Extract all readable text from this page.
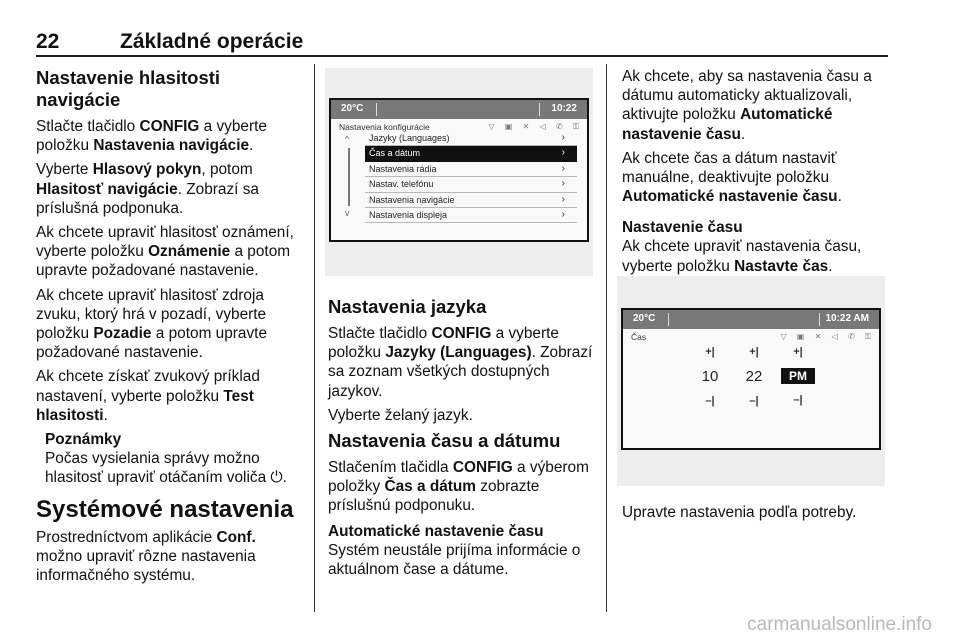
22	Základné operácie
Nastavenie hlasitosti navigácie

Stlačte tlačidlo CONFIG a vyberte položku Nastavenia navigácie.

Vyberte Hlasový pokyn, potom Hlasitosť navigácie. Zobrazí sa príslušná podponuka.

Ak chcete upraviť hlasitosť oznámení, vyberte položku Oznámenie a potom upravte požadované nastavenie.

Ak chcete upraviť hlasitosť zdroja zvuku, ktorý hrá v pozadí, vyberte položku Pozadie a potom upravte požadované nastavenie.

Ak chcete získať zvukový príklad nastavení, vyberte položku Test hlasitosti.

Poznámky
Počas vysielania správy možno hlasitosť upraviť otáčaním voliča ⏻.
Systémové nastavenia

Prostredníctvom aplikácie Conf. možno upraviť rôzne nastavenia informačného systému.

20°C	10:22
Nastavenia konfigurácie	▽ ▣ ✕ ◁ ✆ ⚿
^
v
Jazyky (Languages)	›
Čas a dátum	›
Nastavenia rádia	›
Nastav. telefónu	›
Nastavenia navigácie	›
Nastavenia displeja	›
Nastavenia jazyka

Stlačte tlačidlo CONFIG a vyberte položku Jazyky (Languages). Zobrazí sa zoznam všetkých dostupných jazykov.

Vyberte želaný jazyk.

Nastavenia času a dátumu

Stlačením tlačidla CONFIG a výberom položky Čas a dátum zobrazte príslušnú podponuku.

Automatické nastavenie času

Systém neustále prijíma informácie o aktuálnom čase a dátume.

Ak chcete, aby sa nastavenia času a dátumu automaticky aktualizovali, aktivujte položku Automatické nastavenie času.

Ak chcete čas a dátum nastaviť manuálne, deaktivujte položku Automatické nastavenie času.

Nastavenie času

Ak chcete upraviť nastavenia času, vyberte položku Nastavte čas.

20°C	10:22 AM
Čas	▽ ▣ ✕ ◁ ✆ ⚿
+|
10
–|
+|
22
–|
+|
PM
–|

Upravte nastavenia podľa potreby.

carmanualsonline.info
